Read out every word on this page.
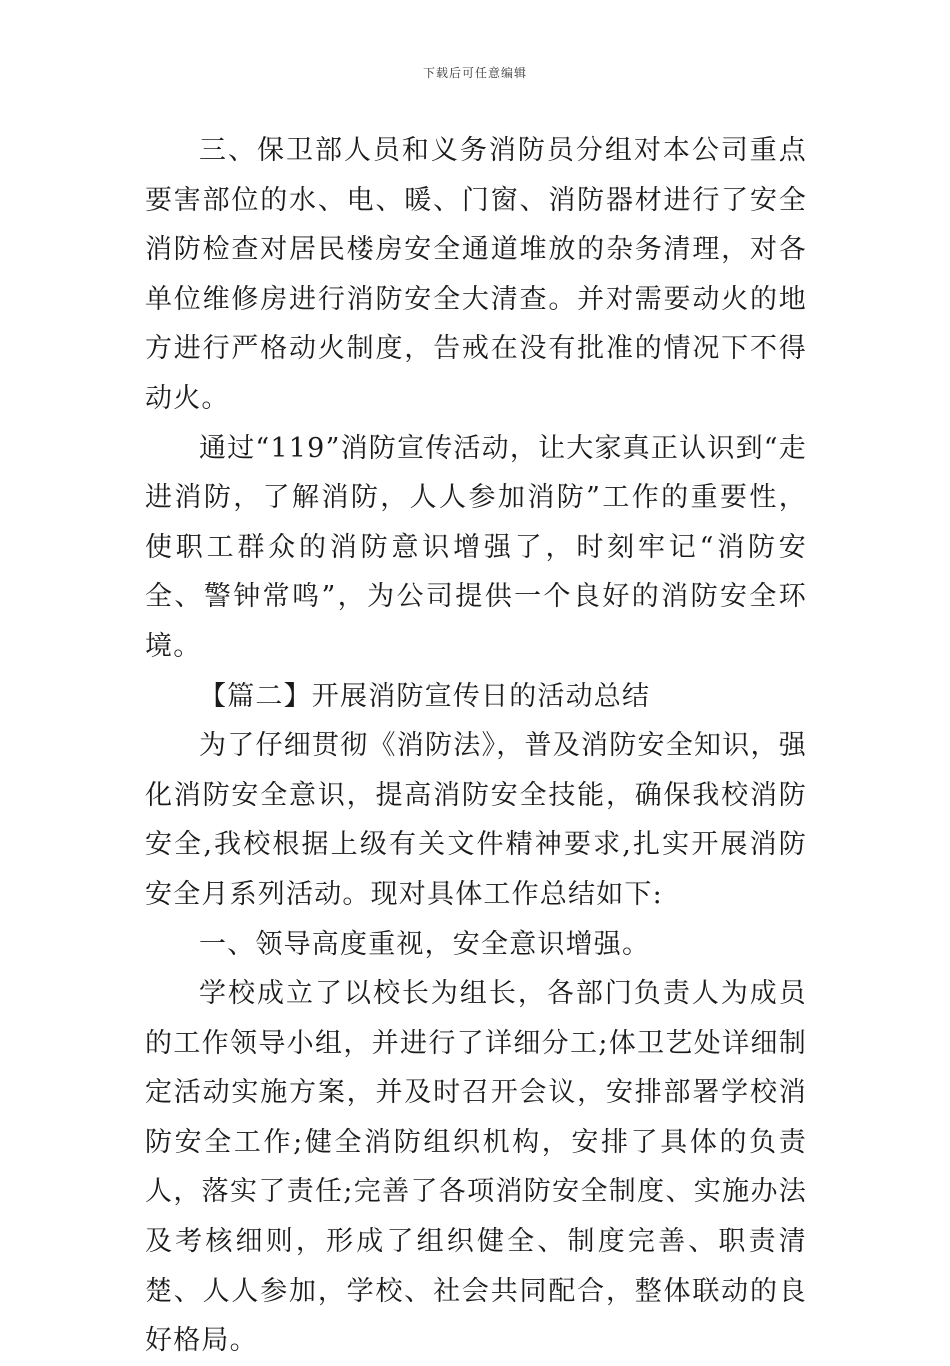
下载后可任意编辑

三、保卫部人员和义务消防员分组对本公司重点要害部位的水、电、暖、门窗、消防器材进行了安全消防检查对居民楼房安全通道堆放的杂务清理，对各单位维修房进行消防安全大清查。并对需要动火的地方进行严格动火制度，告戒在没有批准的情况下不得动火。

通过“119”消防宣传活动，让大家真正认识到“走进消防，了解消防，人人参加消防”工作的重要性，使职工群众的消防意识增强了，时刻牢记“消防安全、警钟常鸣”，为公司提供一个良好的消防安全环境。

【篇二】开展消防宣传日的活动总结

为了仔细贯彻《消防法》，普及消防安全知识，强化消防安全意识，提高消防安全技能，确保我校消防安全,我校根据上级有关文件精神要求,扎实开展消防安全月系列活动。现对具体工作总结如下:

一、领导高度重视，安全意识增强。

学校成立了以校长为组长，各部门负责人为成员的工作领导小组，并进行了详细分工;体卫艺处详细制定活动实施方案，并及时召开会议，安排部署学校消防安全工作;健全消防组织机构，安排了具体的负责人，落实了责任;完善了各项消防安全制度、实施办法及考核细则，形成了组织健全、制度完善、职责清楚、人人参加，学校、社会共同配合，整体联动的良好格局。
